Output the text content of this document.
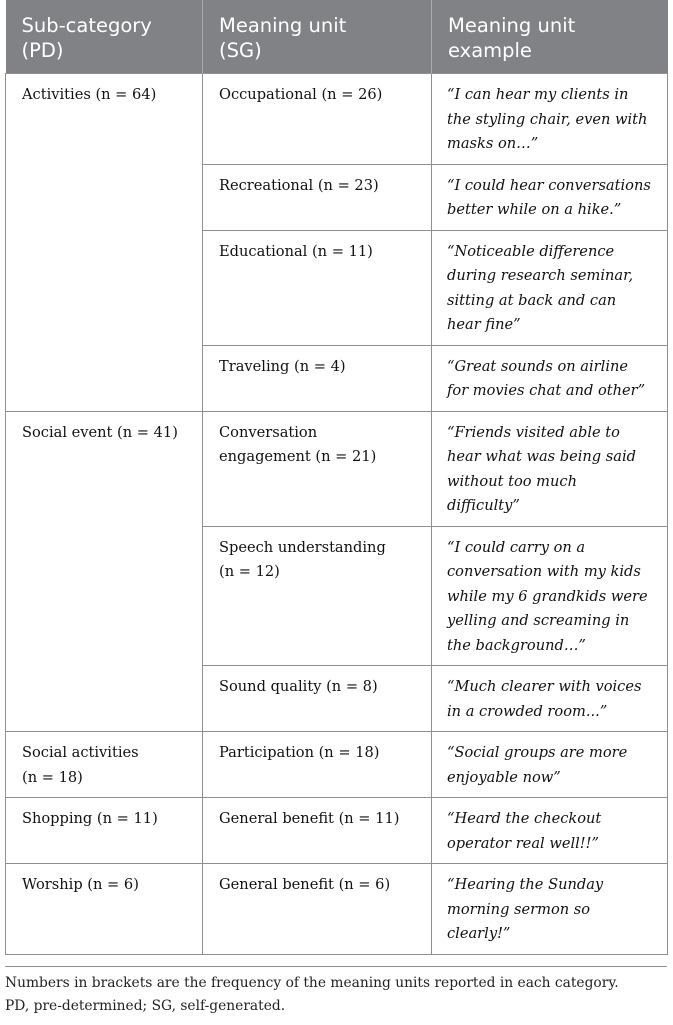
Sub-category
(PD)	Meaning unit
(SG)	Meaning unit
example

Activities (n = 64)	Occupational (n = 26)	“I can hear my clients in
the styling chair, even with
masks on…”

	Recreational (n = 23)	“I could hear conversations
better while on a hike.”

	Educational (n = 11)	“Noticeable difference
during research seminar,
sitting at back and can
hear fine”

	Traveling (n = 4)	“Great sounds on airline
for movies chat and other”

Social event (n = 41)	Conversation
engagement (n = 21)	“Friends visited able to
hear what was being said
without too much
difficulty”

	Speech understanding
(n = 12)	“I could carry on a
conversation with my kids
while my 6 grandkids were
yelling and screaming in
the background…”

	Sound quality (n = 8)	“Much clearer with voices
in a crowded room...”

Social activities
(n = 18)	Participation (n = 18)	“Social groups are more
enjoyable now”

Shopping (n = 11)	General benefit (n = 11)	“Heard the checkout
operator real well!!”

Worship (n = 6)	General benefit (n = 6)	“Hearing the Sunday
morning sermon so
clearly!”
Numbers in brackets are the frequency of the meaning units reported in each category.
PD, pre-determined; SG, self-generated.
